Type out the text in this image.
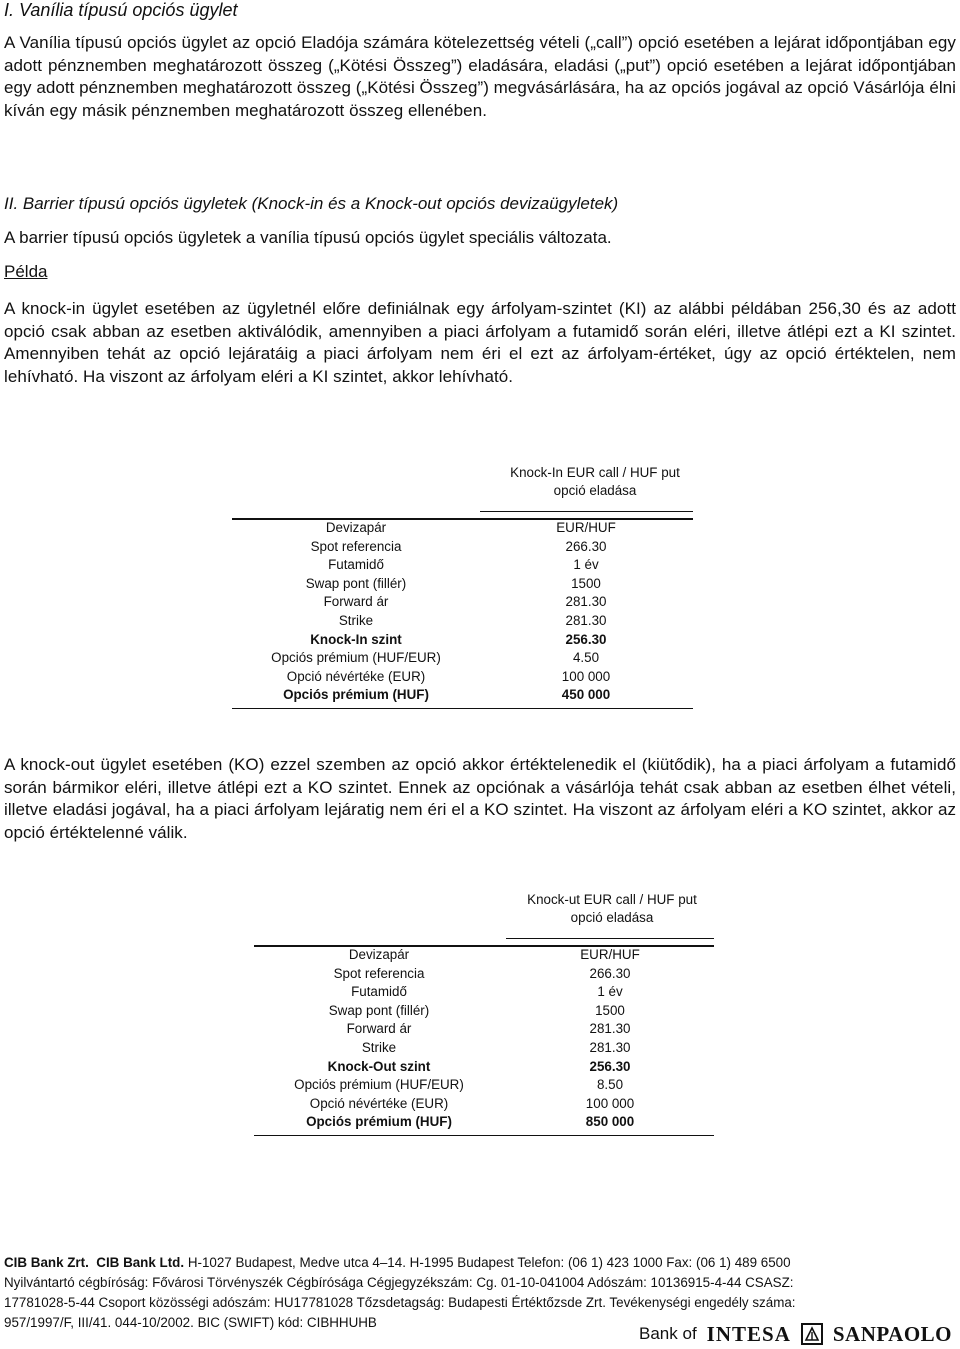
I. Vanília típusú opciós ügylet

A Vanília típusú opciós ügylet az opció Eladója számára kötelezettség vételi („call”) opció esetében a lejárat időpontjában egy adott pénznemben meghatározott összeg („Kötési Összeg”) eladására, eladási („put”) opció esetében a lejárat időpontjában egy adott pénznemben meghatározott összeg („Kötési Összeg”) megvásárlására, ha az opciós jogával az opció Vásárlója élni kíván egy másik pénznemben meghatározott összeg ellenében.

II. Barrier típusú opciós ügyletek (Knock-in és a Knock-out opciós devizaügyletek)
A barrier típusú opciós ügyletek a vanília típusú opciós ügylet speciális változata.
Példa

A knock-in ügylet esetében az ügyletnél előre definiálnak egy árfolyam-szintet (KI) az alábbi példában 256,30 és az adott opció csak abban az esetben aktiválódik, amennyiben a piaci árfolyam a futamidő során eléri, illetve átlépi ezt a KI szintet. Amennyiben tehát az opció lejáratáig a piaci árfolyam nem éri el ezt az árfolyam-értéket, úgy az opció értéktelen, nem lehívható. Ha viszont az árfolyam eléri a KI szintet, akkor lehívható.

Knock-In EUR call / HUF put
opció eladása
Devizapár	EUR/HUF
Spot referencia	266.30
Futamidő	1 év
Swap pont (fillér)	1500
Forward ár	281.30
Strike	281.30
Knock-In szint	256.30
Opciós prémium (HUF/EUR)	4.50
Opció névértéke (EUR)	100 000
Opciós prémium (HUF)	450 000

A knock-out ügylet esetében (KO) ezzel szemben az opció akkor értéktelenedik el (kiütődik), ha a piaci árfolyam a futamidő során bármikor eléri, illetve átlépi ezt a KO szintet. Ennek az opciónak a vásárlója tehát csak abban az esetben élhet vételi, illetve eladási jogával, ha a piaci árfolyam lejáratig nem éri el a KO szintet. Ha viszont az árfolyam eléri a KO szintet, akkor az opció értéktelenné válik.

Knock-ut EUR call / HUF put
opció eladása
Devizapár	EUR/HUF
Spot referencia	266.30
Futamidő	1 év
Swap pont (fillér)	1500
Forward ár	281.30
Strike	281.30
Knock-Out szint	256.30
Opciós prémium (HUF/EUR)	8.50
Opció névértéke (EUR)	100 000
Opciós prémium (HUF)	850 000
CIB Bank Zrt. CIB Bank Ltd. H-1027 Budapest, Medve utca 4–14. H-1995 Budapest Telefon: (06 1) 423 1000 Fax: (06 1) 489 6500
Nyilvántartó cégbíróság: Fővárosi Törvényszék Cégbírósága Cégjegyzékszám: Cg. 01-10-041004 Adószám: 10136915-4-44 CSASZ:
17781028-5-44 Csoport közösségi adószám: HU17781028 Tőzsdetagság: Budapesti Értéktőzsde Zrt. Tevékenységi engedély száma:
957/1997/F, III/41. 044-10/2002. BIC (SWIFT) kód: CIBHHUHB
Bank of INTESA SANPAOLO
